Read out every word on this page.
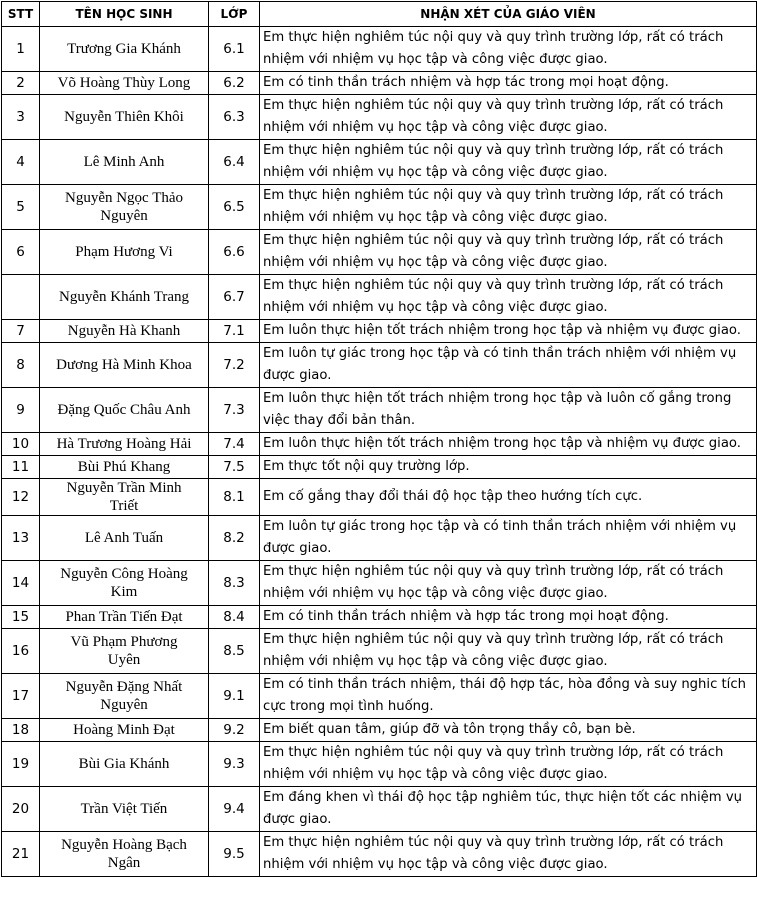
STT	TÊN HỌC SINH	LỚP	NHẬN XÉT CỦA GIÁO VIÊN
1	Trương Gia Khánh	6.1	Em thực hiện nghiêm túc nội quy và quy trình trường lớp, rất có trách nhiệm với nhiệm vụ học tập và công việc được giao.
2	Võ Hoàng Thùy Long	6.2	Em có tinh thần trách nhiệm và hợp tác trong mọi hoạt động.
3	Nguyễn Thiên Khôi	6.3	Em thực hiện nghiêm túc nội quy và quy trình trường lớp, rất có trách nhiệm với nhiệm vụ học tập và công việc được giao.
4	Lê Minh Anh	6.4	Em thực hiện nghiêm túc nội quy và quy trình trường lớp, rất có trách nhiệm với nhiệm vụ học tập và công việc được giao.
5	Nguyễn Ngọc Thảo Nguyên	6.5	Em thực hiện nghiêm túc nội quy và quy trình trường lớp, rất có trách nhiệm với nhiệm vụ học tập và công việc được giao.
6	Phạm Hương Vi	6.6	Em thực hiện nghiêm túc nội quy và quy trình trường lớp, rất có trách nhiệm với nhiệm vụ học tập và công việc được giao.
	Nguyễn Khánh Trang	6.7	Em thực hiện nghiêm túc nội quy và quy trình trường lớp, rất có trách nhiệm với nhiệm vụ học tập và công việc được giao.
7	Nguyễn Hà Khanh	7.1	Em luôn thực hiện tốt trách nhiệm trong học tập và nhiệm vụ được giao.
8	Dương Hà Minh Khoa	7.2	Em luôn tự giác trong học tập và có tinh thần trách nhiệm với nhiệm vụ được giao.
9	Đặng Quốc Châu Anh	7.3	Em luôn thực hiện tốt trách nhiệm trong học tập và luôn cố gắng trong việc thay đổi bản thân.
10	Hà Trương Hoàng Hải	7.4	Em luôn thực hiện tốt trách nhiệm trong học tập và nhiệm vụ được giao.
11	Bùi Phú Khang	7.5	Em thực tốt nội quy trường lớp.
12	Nguyễn Trần Minh Triết	8.1	Em cố gắng thay đổi thái độ học tập theo hướng tích cực.
13	Lê Anh Tuấn	8.2	Em luôn tự giác trong học tập và có tinh thần trách nhiệm với nhiệm vụ được giao.
14	Nguyễn Công Hoàng Kim	8.3	Em thực hiện nghiêm túc nội quy và quy trình trường lớp, rất có trách nhiệm với nhiệm vụ học tập và công việc được giao.
15	Phan Trần Tiến Đạt	8.4	Em có tinh thần trách nhiệm và hợp tác trong mọi hoạt động.
16	Vũ Phạm Phương Uyên	8.5	Em thực hiện nghiêm túc nội quy và quy trình trường lớp, rất có trách nhiệm với nhiệm vụ học tập và công việc được giao.
17	Nguyễn Đặng Nhất Nguyên	9.1	Em có tinh thần trách nhiệm, thái độ hợp tác, hòa đồng và suy nghic tích cực trong mọi tình huống.
18	Hoàng Minh Đạt	9.2	Em biết quan tâm, giúp đỡ và tôn trọng thầy cô, bạn bè.
19	Bùi Gia Khánh	9.3	Em thực hiện nghiêm túc nội quy và quy trình trường lớp, rất có trách nhiệm với nhiệm vụ học tập và công việc được giao.
20	Trần Việt Tiến	9.4	Em đáng khen vì thái độ học tập nghiêm túc, thực hiện tốt các nhiệm vụ được giao.
21	Nguyễn Hoàng Bạch Ngân	9.5	Em thực hiện nghiêm túc nội quy và quy trình trường lớp, rất có trách nhiệm với nhiệm vụ học tập và công việc được giao.
